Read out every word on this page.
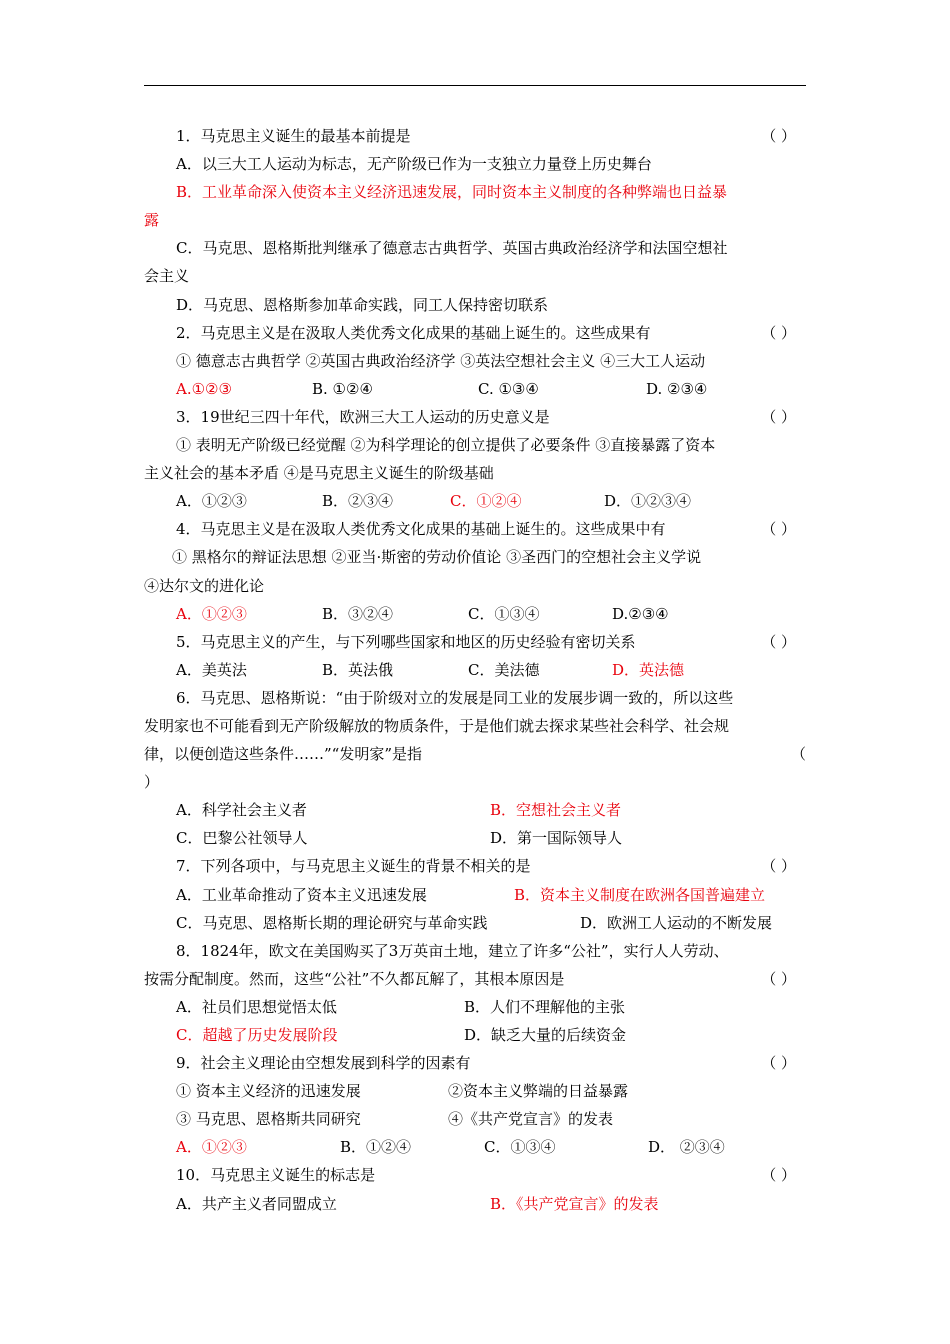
1．马克思主义诞生的最基本前提是	（ ）
A．以三大工人运动为标志，无产阶级已作为一支独立力量登上历史舞台
B．工业革命深入使资本主义经济迅速发展，同时资本主义制度的各种弊端也日益暴
露
C．马克思、恩格斯批判继承了德意志古典哲学、英国古典政治经济学和法国空想社
会主义
D．马克思、恩格斯参加革命实践，同工人保持密切联系
2．马克思主义是在汲取人类优秀文化成果的基础上诞生的。这些成果有	（ ）
① 德意志古典哲学 ②英国古典政治经济学 ③英法空想社会主义 ④三大工人运动
A.①②③	B. ①②④	C. ①③④	D. ②③④
3．19世纪三四十年代，欧洲三大工人运动的历史意义是	（ ）
① 表明无产阶级已经觉醒 ②为科学理论的创立提供了必要条件 ③直接暴露了资本
主义社会的基本矛盾 ④是马克思主义诞生的阶级基础
A．①②③	B．②③④	C．①②④	D．①②③④
4．马克思主义是在汲取人类优秀文化成果的基础上诞生的。这些成果中有	（ ）
① 黑格尔的辩证法思想 ②亚当·斯密的劳动价值论 ③圣西门的空想社会主义学说
④达尔文的进化论
A．①②③	B．③②④	C．①③④	D.②③④
5．马克思主义的产生，与下列哪些国家和地区的历史经验有密切关系	（ ）
A．美英法	B．英法俄	C．美法德	D．英法德
6．马克思、恩格斯说：“由于阶级对立的发展是同工业的发展步调一致的，所以这些
发明家也不可能看到无产阶级解放的物质条件，于是他们就去探求某些社会科学、社会规
律，以便创造这些条件……”“发明家”是指	（
）
A．科学社会主义者	B．空想社会主义者
C．巴黎公社领导人	D．第一国际领导人
7．下列各项中，与马克思主义诞生的背景不相关的是	（ ）
A．工业革命推动了资本主义迅速发展	B．资本主义制度在欧洲各国普遍建立
C．马克思、恩格斯长期的理论研究与革命实践	D．欧洲工人运动的不断发展
8．1824年，欧文在美国购买了3万英亩土地，建立了许多“公社”，实行人人劳动、
按需分配制度。然而，这些“公社”不久都瓦解了，其根本原因是	（ ）
A．社员们思想觉悟太低	B．人们不理解他的主张
C．超越了历史发展阶段	D．缺乏大量的后续资金
9．社会主义理论由空想发展到科学的因素有	（ ）
① 资本主义经济的迅速发展	②资本主义弊端的日益暴露
③ 马克思、恩格斯共同研究	④《共产党宣言》的发表
A．①②③	B．①②④	C．①③④	D． ②③④
10．马克思主义诞生的标志是	（ ）
A．共产主义者同盟成立	B．《共产党宣言》的发表
